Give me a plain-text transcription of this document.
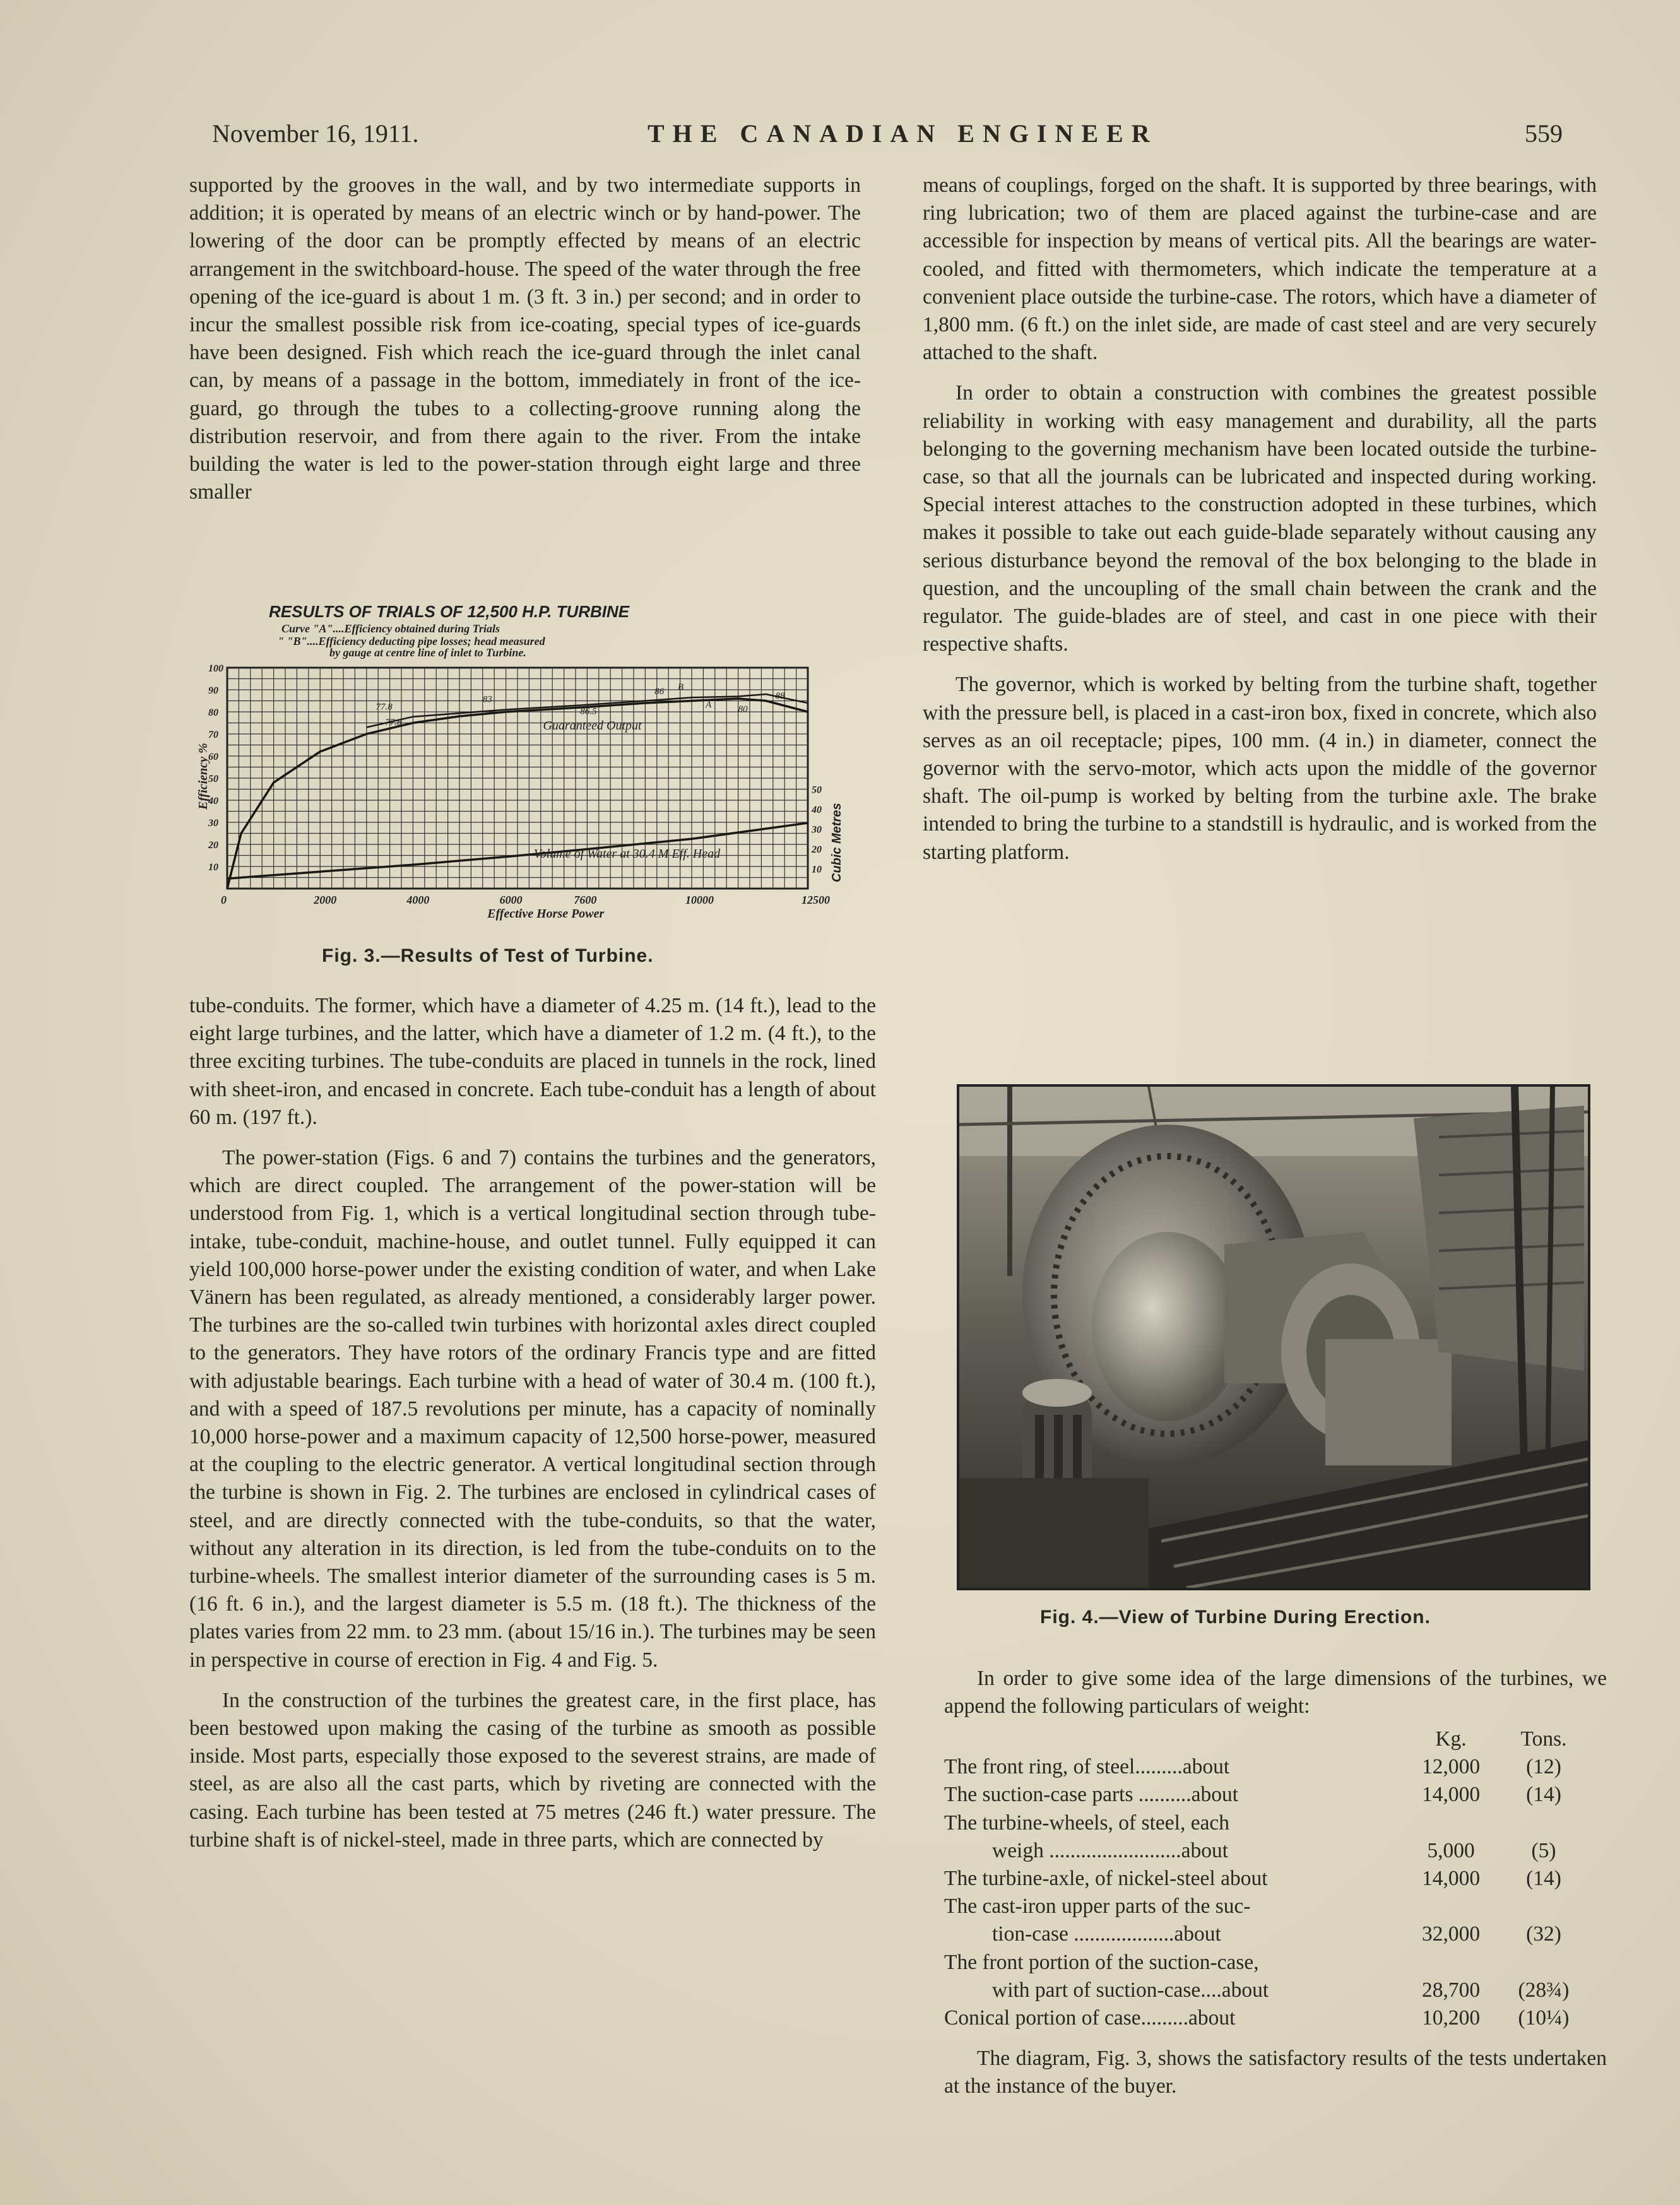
November 16, 1911.	THE CANADIAN ENGINEER	559

supported by the grooves in the wall, and by two intermediate supports in addition; it is operated by means of an electric winch or by hand-power. The lowering of the door can be promptly effected by means of an electric arrangement in the switchboard-house. The speed of the water through the free opening of the ice-guard is about 1 m. (3 ft. 3 in.) per second; and in order to incur the smallest possible risk from ice-coating, special types of ice-guards have been designed. Fish which reach the ice-guard through the inlet canal can, by means of a passage in the bottom, immediately in front of the ice-guard, go through the tubes to a collecting-groove running along the distribution reservoir, and from there again to the river. From the intake building the water is led to the power-station through eight large and three smaller

RESULTS OF TRIALS OF 12,500 H.P. TURBINE
Curve "A"....Efficiency obtained during Trials
" "B"....Efficiency deducting pipe losses; head measured
by gauge at centre line of inlet to Turbine.
0	2000	4000	6000	7600	10000	12500
10
20
30
40
50
60
70
80
90
100
10
20
30
40
50
77.8
77.8
83
86.5
86
80
B
A
88
Guaranteed Output
Volume of Water at 30.4 M Eff. Head
Efficiency %
Cubic Metres
Effective Horse Power
Fig. 3.—Results of Test of Turbine.

tube-conduits. The former, which have a diameter of 4.25 m. (14 ft.), lead to the eight large turbines, and the latter, which have a diameter of 1.2 m. (4 ft.), to the three exciting turbines. The tube-conduits are placed in tunnels in the rock, lined with sheet-iron, and encased in concrete. Each tube-conduit has a length of about 60 m. (197 ft.).

The power-station (Figs. 6 and 7) contains the turbines and the generators, which are direct coupled. The arrangement of the power-station will be understood from Fig. 1, which is a vertical longitudinal section through tube-intake, tube-conduit, machine-house, and outlet tunnel. Fully equipped it can yield 100,000 horse-power under the existing condition of water, and when Lake Vänern has been regulated, as already mentioned, a considerably larger power. The turbines are the so-called twin turbines with horizontal axles direct coupled to the generators. They have rotors of the ordinary Francis type and are fitted with adjustable bearings. Each turbine with a head of water of 30.4 m. (100 ft.), and with a speed of 187.5 revolutions per minute, has a capacity of nominally 10,000 horse-power and a maximum capacity of 12,500 horse-power, measured at the coupling to the electric generator. A vertical longitudinal section through the turbine is shown in Fig. 2. The turbines are enclosed in cylindrical cases of steel, and are directly connected with the tube-conduits, so that the water, without any alteration in its direction, is led from the tube-conduits on to the turbine-wheels. The smallest interior diameter of the surrounding cases is 5 m. (16 ft. 6 in.), and the largest diameter is 5.5 m. (18 ft.). The thickness of the plates varies from 22 mm. to 23 mm. (about 15/16 in.). The turbines may be seen in perspective in course of erection in Fig. 4 and Fig. 5.

In the construction of the turbines the greatest care, in the first place, has been bestowed upon making the casing of the turbine as smooth as possible inside. Most parts, especially those exposed to the severest strains, are made of steel, as are also all the cast parts, which by riveting are connected with the casing. Each turbine has been tested at 75 metres (246 ft.) water pressure. The turbine shaft is of nickel-steel, made in three parts, which are connected by

means of couplings, forged on the shaft. It is supported by three bearings, with ring lubrication; two of them are placed against the turbine-case and are accessible for inspection by means of vertical pits. All the bearings are water-cooled, and fitted with thermometers, which indicate the temperature at a convenient place outside the turbine-case. The rotors, which have a diameter of 1,800 mm. (6 ft.) on the inlet side, are made of cast steel and are very securely attached to the shaft.

In order to obtain a construction with combines the greatest possible reliability in working with easy management and durability, all the parts belonging to the governing mechanism have been located outside the turbine-case, so that all the journals can be lubricated and inspected during working. Special interest attaches to the construction adopted in these turbines, which makes it possible to take out each guide-blade separately without causing any serious disturbance beyond the removal of the box belonging to the blade in question, and the uncoupling of the small chain between the crank and the regulator. The guide-blades are of steel, and cast in one piece with their respective shafts.

The governor, which is worked by belting from the turbine shaft, together with the pressure bell, is placed in a cast-iron box, fixed in concrete, which also serves as an oil receptacle; pipes, 100 mm. (4 in.) in diameter, connect the governor with the servo-motor, which acts upon the middle of the governor shaft. The oil-pump is worked by belting from the turbine axle. The brake intended to bring the turbine to a standstill is hydraulic, and is worked from the starting platform.

Fig. 4.—View of Turbine During Erection.

In order to give some idea of the large dimensions of the turbines, we append the following particulars of weight:

Kg.	Tons.
The front ring, of steel.........about	12,000	(12)
The suction-case parts ..........about	14,000	(14)
The turbine-wheels, of steel, each
weigh .........................about	5,000	(5)
The turbine-axle, of nickel-steel about	14,000	(14)
The cast-iron upper parts of the suc-
tion-case ...................about	32,000	(32)
The front portion of the suction-case,
with part of suction-case....about	28,700	(28¾)
Conical portion of case.........about	10,200	(10¼)

The diagram, Fig. 3, shows the satisfactory results of the tests undertaken at the instance of the buyer.
